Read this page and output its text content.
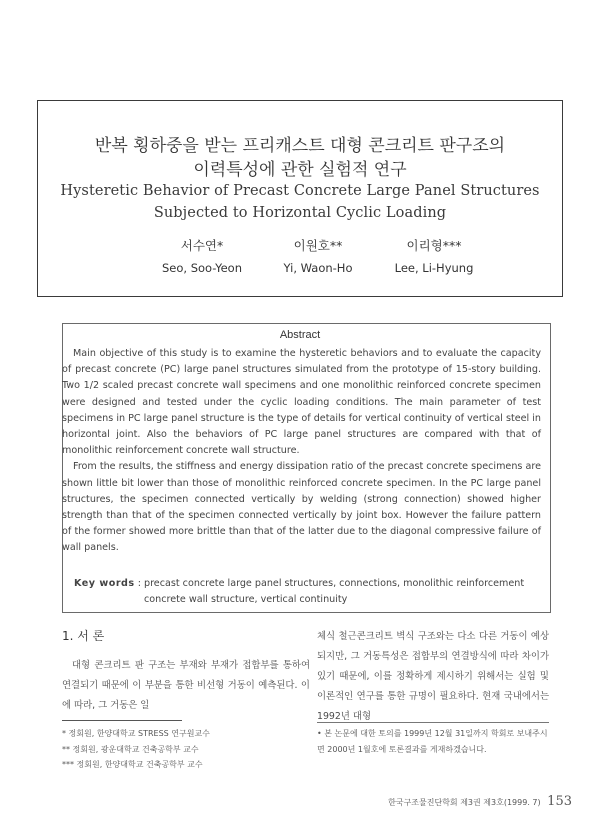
반복 횡하중을 받는 프리캐스트 대형 콘크리트 판구조의
이력특성에 관한 실험적 연구
Hysteretic Behavior of Precast Concrete Large Panel Structures
Subjected to Horizontal Cyclic Loading
서수연*
Seo, Soo-Yeon
이원호**
Yi, Waon-Ho
이리형***
Lee, Li-Hyung
Abstract

Main objective of this study is to examine the hysteretic behaviors and to evaluate the capacity of precast concrete (PC) large panel structures simulated from the prototype of 15-story building. Two 1/2 scaled precast concrete wall specimens and one monolithic reinforced concrete specimen were designed and tested under the cyclic loading conditions. The main parameter of test specimens in PC large panel structure is the type of details for vertical continuity of vertical steel in horizontal joint. Also the behaviors of PC large panel structures are compared with that of monolithic reinforcement concrete wall structure.

From the results, the stiffness and energy dissipation ratio of the precast concrete specimens are shown little bit lower than those of monolithic reinforced concrete specimen. In the PC large panel structures, the specimen connected vertically by welding (strong connection) showed higher strength than that of the specimen connected vertically by joint box. However the failure pattern of the former showed more brittle than that of the latter due to the diagonal compressive failure of wall panels.

Key words : precast concrete large panel structures, connections, monolithic reinforcement
concrete wall structure, vertical continuity
1. 서 론

대형 콘크리트 판 구조는 부재와 부재가 접합부를 통하여 연결되기 때문에 이 부분을 통한 비선형 거동이 예측된다. 이에 따라, 그 거동은 일

체식 철근콘크리트 벽식 구조와는 다소 다른 거동이 예상되지만, 그 거동특성은 접합부의 연결방식에 따라 차이가 있기 때문에, 이를 정확하게 제시하기 위해서는 실험 및 이론적인 연구를 통한 규명이 필요하다. 현재 국내에서는 1992년 대형

* 정회원, 한양대학교 STRESS 연구원교수
** 정회원, 광운대학교 건축공학부 교수
*** 정회원, 한양대학교 건축공학부 교수
• 본 논문에 대한 토의를 1999년 12월 31일까지 학회로 보내주시면 2000년 1월호에 토론결과를 게재하겠습니다.
한국구조물진단학회 제3권 제3호(1999. 7) 153
